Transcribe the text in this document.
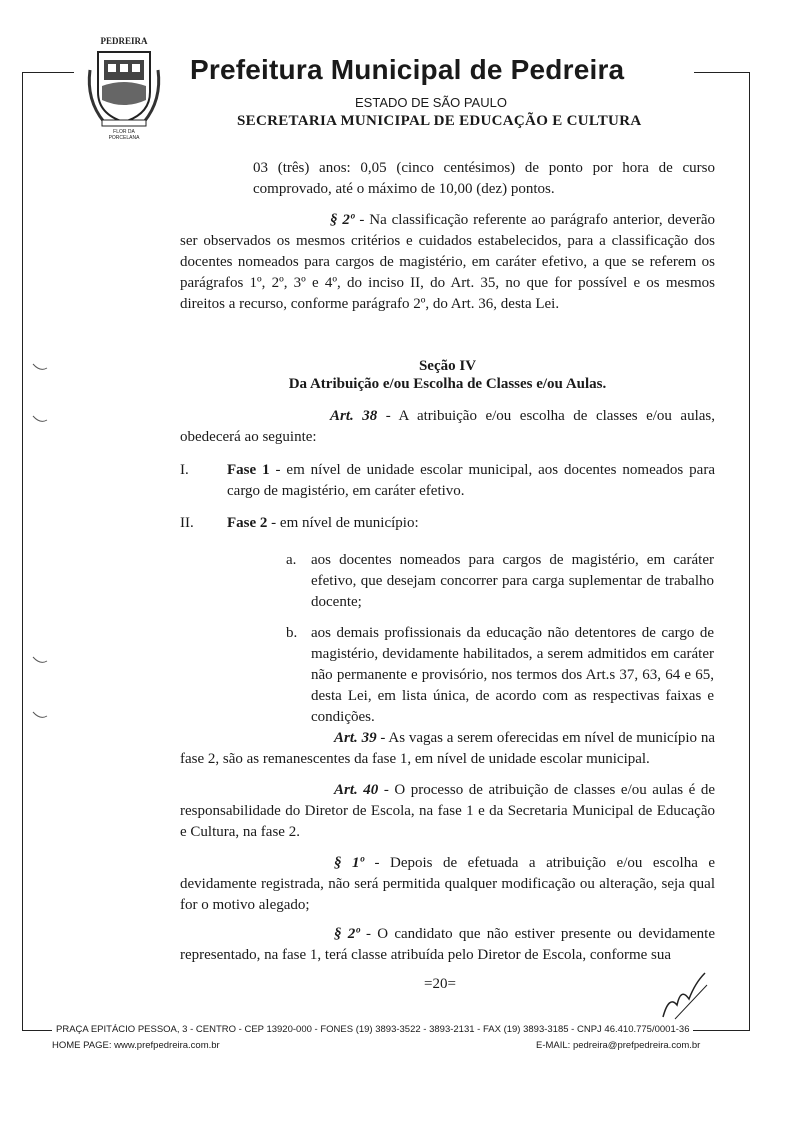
PEDREIRA
FLOR DA
PORCELANA
Prefeitura Municipal de Pedreira
ESTADO DE SÃO PAULO
SECRETARIA MUNICIPAL DE EDUCAÇÃO E CULTURA
03 (três) anos: 0,05 (cinco centésimos) de ponto por hora de curso comprovado, até o máximo de 10,00 (dez) pontos.
§ 2º - Na classificação referente ao parágrafo anterior, deverão ser observados os mesmos critérios e cuidados estabelecidos, para a classificação dos docentes nomeados para cargos de magistério, em caráter efetivo, a que se referem os parágrafos 1º, 2º, 3º e 4º, do inciso II, do Art. 35, no que for possível e os mesmos direitos a recurso, conforme parágrafo 2º, do Art. 36, desta Lei.
Seção IV
Da Atribuição e/ou Escolha de Classes e/ou Aulas.
Art. 38 - A atribuição e/ou escolha de classes e/ou aulas, obedecerá ao seguinte:
I.	Fase 1 - em nível de unidade escolar municipal, aos docentes nomeados para cargo de magistério, em caráter efetivo.
II.	Fase 2 - em nível de município:
a. aos docentes nomeados para cargos de magistério, em caráter efetivo, que desejam concorrer para carga suplementar de trabalho docente;
b. aos demais profissionais da educação não detentores de cargo de magistério, devidamente habilitados, a serem admitidos em caráter não permanente e provisório, nos termos dos Art.s 37, 63, 64 e 65, desta Lei, em lista única, de acordo com as respectivas faixas e condições.
Art. 39 - As vagas a serem oferecidas em nível de município na fase 2, são as remanescentes da fase 1, em nível de unidade escolar municipal.
Art. 40 - O processo de atribuição de classes e/ou aulas é de responsabilidade do Diretor de Escola, na fase 1 e da Secretaria Municipal de Educação e Cultura, na fase 2.
§ 1º - Depois de efetuada a atribuição e/ou escolha e devidamente registrada, não será permitida qualquer modificação ou alteração, seja qual for o motivo alegado;
§ 2º - O candidato que não estiver presente ou devidamente representado, na fase 1, terá classe atribuída pelo Diretor de Escola, conforme sua
=20=
PRAÇA EPITÁCIO PESSOA, 3 - CENTRO - CEP 13920-000 - FONES (19) 3893-3522 - 3893-2131 - FAX (19) 3893-3185 - CNPJ 46.410.775/0001-36
HOME PAGE: www.prefpedreira.com.br	E-MAIL: pedreira@prefpedreira.com.br
